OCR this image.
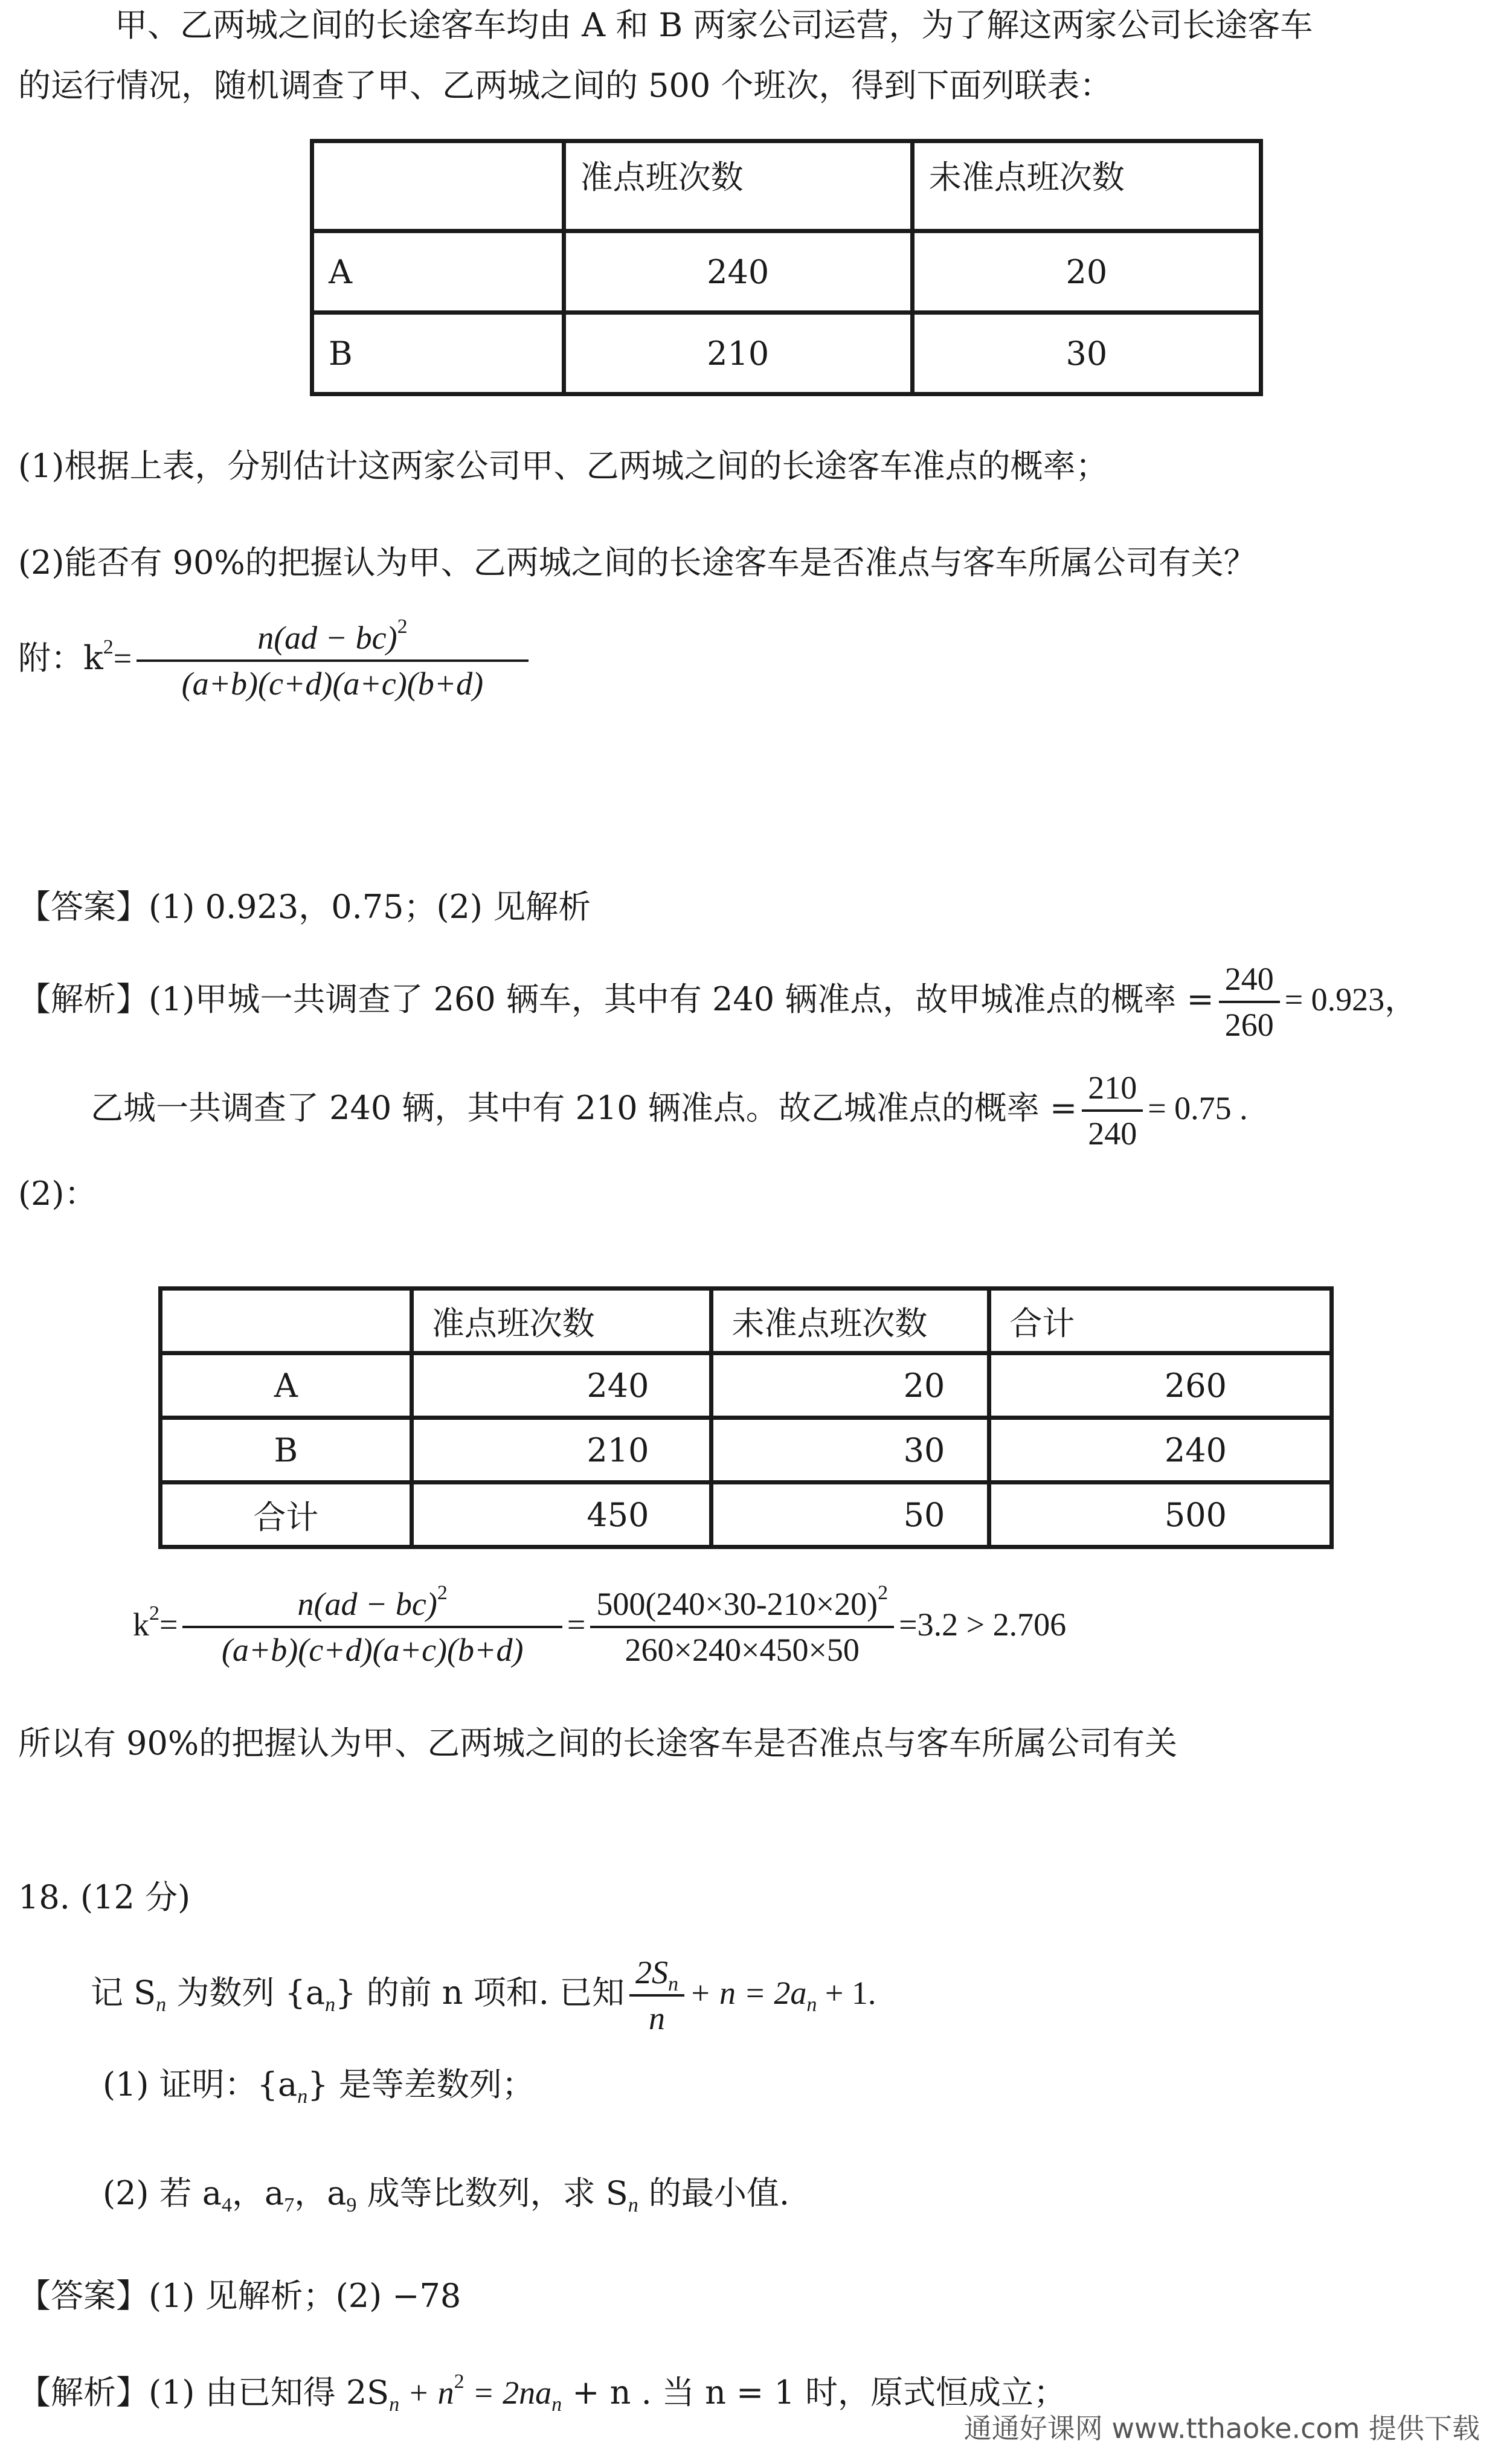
甲、乙两城之间的长途客车均由 A 和 B 两家公司运营，为了解这两家公司长途客车
的运行情况，随机调查了甲、乙两城之间的 500 个班次，得到下面列联表：
	准点班次数	未准点班次数
A	240	20
B	210	30
(1)根据上表，分别估计这两家公司甲、乙两城之间的长途客车准点的概率；
(2)能否有 90%的把握认为甲、乙两城之间的长途客车是否准点与客车所属公司有关？
附：$k^2= \frac{n(ad - bc)^2}{(a+b)(c+d)(a+c)(b+d)}$
【答案】(1) 0.923，0.75；(2) 见解析
【解析】(1)甲城一共调查了 260 辆车，其中有 240 辆准点，故甲城准点的概率 = $\frac{240}{260} = 0.923$，
乙城一共调查了 240 辆，其中有 210 辆准点。故乙城准点的概率 = $\frac{210}{240} = 0.75$ .
(2)：
	准点班次数	未准点班次数	合计
A	240	20	260
B	210	30	240
合计	450	50	500
$k^2= \frac{n(ad - bc)^2}{(a+b)(c+d)(a+c)(b+d)} = \frac{500(240\times 30-210\times 20)^2}{260\times 240\times 450\times 50} =3.2 > 2.706$
所以有 90%的把握认为甲、乙两城之间的长途客车是否准点与客车所属公司有关
18. (12 分)
记 $S_n$ 为数列 $\{a_n\}$ 的前 n 项和. 已知 $\frac{2S_n}{n} + n = 2a_n + 1$.
(1) 证明：$\{a_n\}$ 是等差数列；
(2) 若 $a_4$，$a_7$，$a_9$ 成等比数列，求 $S_n$ 的最小值.
【答案】(1) 见解析；(2) −78
【解析】(1) 由已知得 $2S_n + n^2 = 2na_n + n$ . 当 n = 1 时，原式恒成立；
通通好课网 www.tthaoke.com 提供下载
